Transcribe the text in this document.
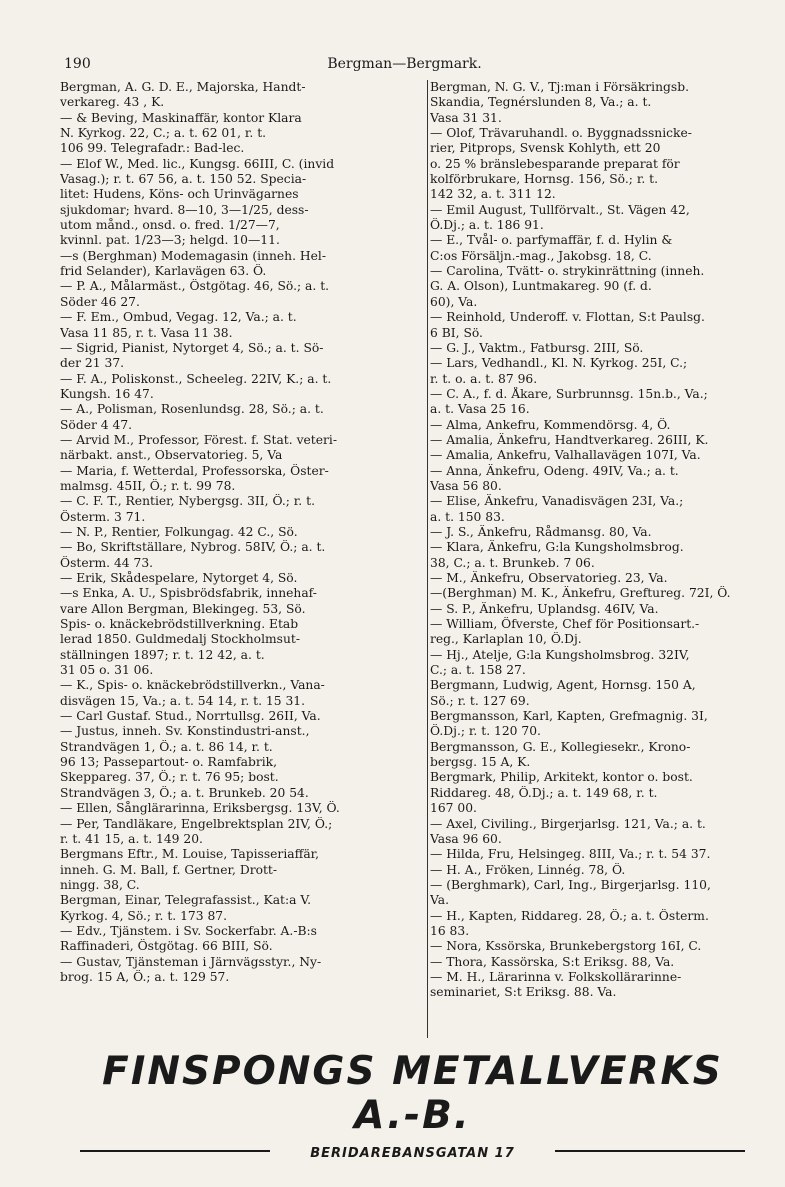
190	Bergman—Bergmark.
Bergman, A. G. D. E., Majorska, Handt-
verkareg. 43 , K.
— & Beving, Maskinaffär, kontor Klara
N. Kyrkog. 22, C.; a. t. 62 01, r. t.
106 99. Telegrafadr.: Bad-lec.
— Elof W., Med. lic., Kungsg. 66III, C. (invid
Vasag.); r. t. 67 56, a. t. 150 52. Specia-
litet: Hudens, Köns- och Urinvägarnes
sjukdomar; hvard. 8—10, 3—1/25, dess-
utom månd., onsd. o. fred. 1/27—7,
kvinnl. pat. 1/23—3; helgd. 10—11.
—s (Berghman) Modemagasin (inneh. Hel-
frid Selander), Karlavägen 63. Ö.
— P. A., Målarmäst., Östgötag. 46, Sö.; a. t.
Söder 46 27.
— F. Em., Ombud, Vegag. 12, Va.; a. t.
Vasa 11 85, r. t. Vasa 11 38.
— Sigrid, Pianist, Nytorget 4, Sö.; a. t. Sö-
der 21 37.
— F. A., Poliskonst., Scheeleg. 22IV, K.; a. t.
Kungsh. 16 47.
— A., Polisman, Rosenlundsg. 28, Sö.; a. t.
Söder 4 47.
— Arvid M., Professor, Förest. f. Stat. veteri-
närbakt. anst., Observatorieg. 5, Va
— Maria, f. Wetterdal, Professorska, Öster-
malmsg. 45II, Ö.; r. t. 99 78.
— C. F. T., Rentier, Nybergsg. 3II, Ö.; r. t.
Österm. 3 71.
— N. P., Rentier, Folkungag. 42 C., Sö.
— Bo, Skriftställare, Nybrog. 58IV, Ö.; a. t.
Österm. 44 73.
— Erik, Skådespelare, Nytorget 4, Sö.
—s Enka, A. U., Spisbrödsfabrik, innehaf-
vare Allon Bergman, Blekingeg. 53, Sö.
Spis- o. knäckebrödstillverkning. Etab
lerad 1850. Guldmedalj Stockholmsut-
ställningen 1897; r. t. 12 42, a. t.
31 05 o. 31 06.
— K., Spis- o. knäckebrödstillverkn., Vana-
disvägen 15, Va.; a. t. 54 14, r. t. 15 31.
— Carl Gustaf. Stud., Norrtullsg. 26II, Va.
— Justus, inneh. Sv. Konstindustri-anst.,
Strandvägen 1, Ö.; a. t. 86 14, r. t.
96 13; Passepartout- o. Ramfabrik,
Skeppareg. 37, Ö.; r. t. 76 95; bost.
Strandvägen 3, Ö.; a. t. Brunkeb. 20 54.
— Ellen, Sånglärarinna, Eriksbergsg. 13V, Ö.
— Per, Tandläkare, Engelbrektsplan 2IV, Ö.;
r. t. 41 15, a. t. 149 20.
Bergmans Eftr., M. Louise, Tapisseriaffär,
inneh. G. M. Ball, f. Gertner, Drott-
ningg. 38, C.
Bergman, Einar, Telegrafassist., Kat:a V.
Kyrkog. 4, Sö.; r. t. 173 87.
— Edv., Tjänstem. i Sv. Sockerfabr. A.-B:s
Raffinaderi, Östgötag. 66 BIII, Sö.
— Gustav, Tjänsteman i Järnvägsstyr., Ny-
brog. 15 A, Ö.; a. t. 129 57.
Bergman, N. G. V., Tj:man i Försäkringsb.
Skandia, Tegnérslunden 8, Va.; a. t.
Vasa 31 31.
— Olof, Trävaruhandl. o. Byggnadssnicke-
rier, Pitprops, Svensk Kohlyth, ett 20
o. 25 % bränslebesparande preparat för
kolförbrukare, Hornsg. 156, Sö.; r. t.
142 32, a. t. 311 12.
— Emil August, Tullförvalt., St. Vägen 42,
Ö.Dj.; a. t. 186 91.
— E., Tvål- o. parfymaffär, f. d. Hylin &
C:os Försäljn.-mag., Jakobsg. 18, C.
— Carolina, Tvätt- o. strykinrättning (inneh.
G. A. Olson), Luntmakareg. 90 (f. d.
60), Va.
— Reinhold, Underoff. v. Flottan, S:t Paulsg.
6 BI, Sö.
— G. J., Vaktm., Fatbursg. 2III, Sö.
— Lars, Vedhandl., Kl. N. Kyrkog. 25I, C.;
r. t. o. a. t. 87 96.
— C. A., f. d. Åkare, Surbrunnsg. 15n.b., Va.;
a. t. Vasa 25 16.
— Alma, Ankefru, Kommendörsg. 4, Ö.
— Amalia, Änkefru, Handtverkareg. 26III, K.
— Amalia, Ankefru, Valhallavägen 107I, Va.
— Anna, Änkefru, Odeng. 49IV, Va.; a. t.
Vasa 56 80.
— Elise, Änkefru, Vanadisvägen 23I, Va.;
a. t. 150 83.
— J. S., Änkefru, Rådmansg. 80, Va.
— Klara, Änkefru, G:la Kungsholmsbrog.
38, C.; a. t. Brunkeb. 7 06.
— M., Änkefru, Observatorieg. 23, Va.
—(Berghman) M. K., Änkefru, Greftureg. 72I, Ö.
— S. P., Änkefru, Uplandsg. 46IV, Va.
— William, Öfverste, Chef för Positionsart.-
reg., Karlaplan 10, Ö.Dj.
— Hj., Atelje, G:la Kungsholmsbrog. 32IV,
C.; a. t. 158 27.
Bergmann, Ludwig, Agent, Hornsg. 150 A,
Sö.; r. t. 127 69.
Bergmansson, Karl, Kapten, Grefmagnig. 3I,
Ö.Dj.; r. t. 120 70.
Bergmansson, G. E., Kollegiesekr., Krono-
bergsg. 15 A, K.
Bergmark, Philip, Arkitekt, kontor o. bost.
Riddareg. 48, Ö.Dj.; a. t. 149 68, r. t.
167 00.
— Axel, Civiling., Birgerjarlsg. 121, Va.; a. t.
Vasa 96 60.
— Hilda, Fru, Helsingeg. 8III, Va.; r. t. 54 37.
— H. A., Fröken, Linnég. 78, Ö.
— (Berghmark), Carl, Ing., Birgerjarlsg. 110,
Va.
— H., Kapten, Riddareg. 28, Ö.; a. t. Österm.
16 83.
— Nora, Kssörska, Brunkebergstorg 16I, C.
— Thora, Kassörska, S:t Eriksg. 88, Va.
— M. H., Lärarinna v. Folkskollärarinne-
seminariet, S:t Eriksg. 88. Va.
FINSPONGS METALLVERKS A.-B.
BERIDAREBANSGATAN 17
